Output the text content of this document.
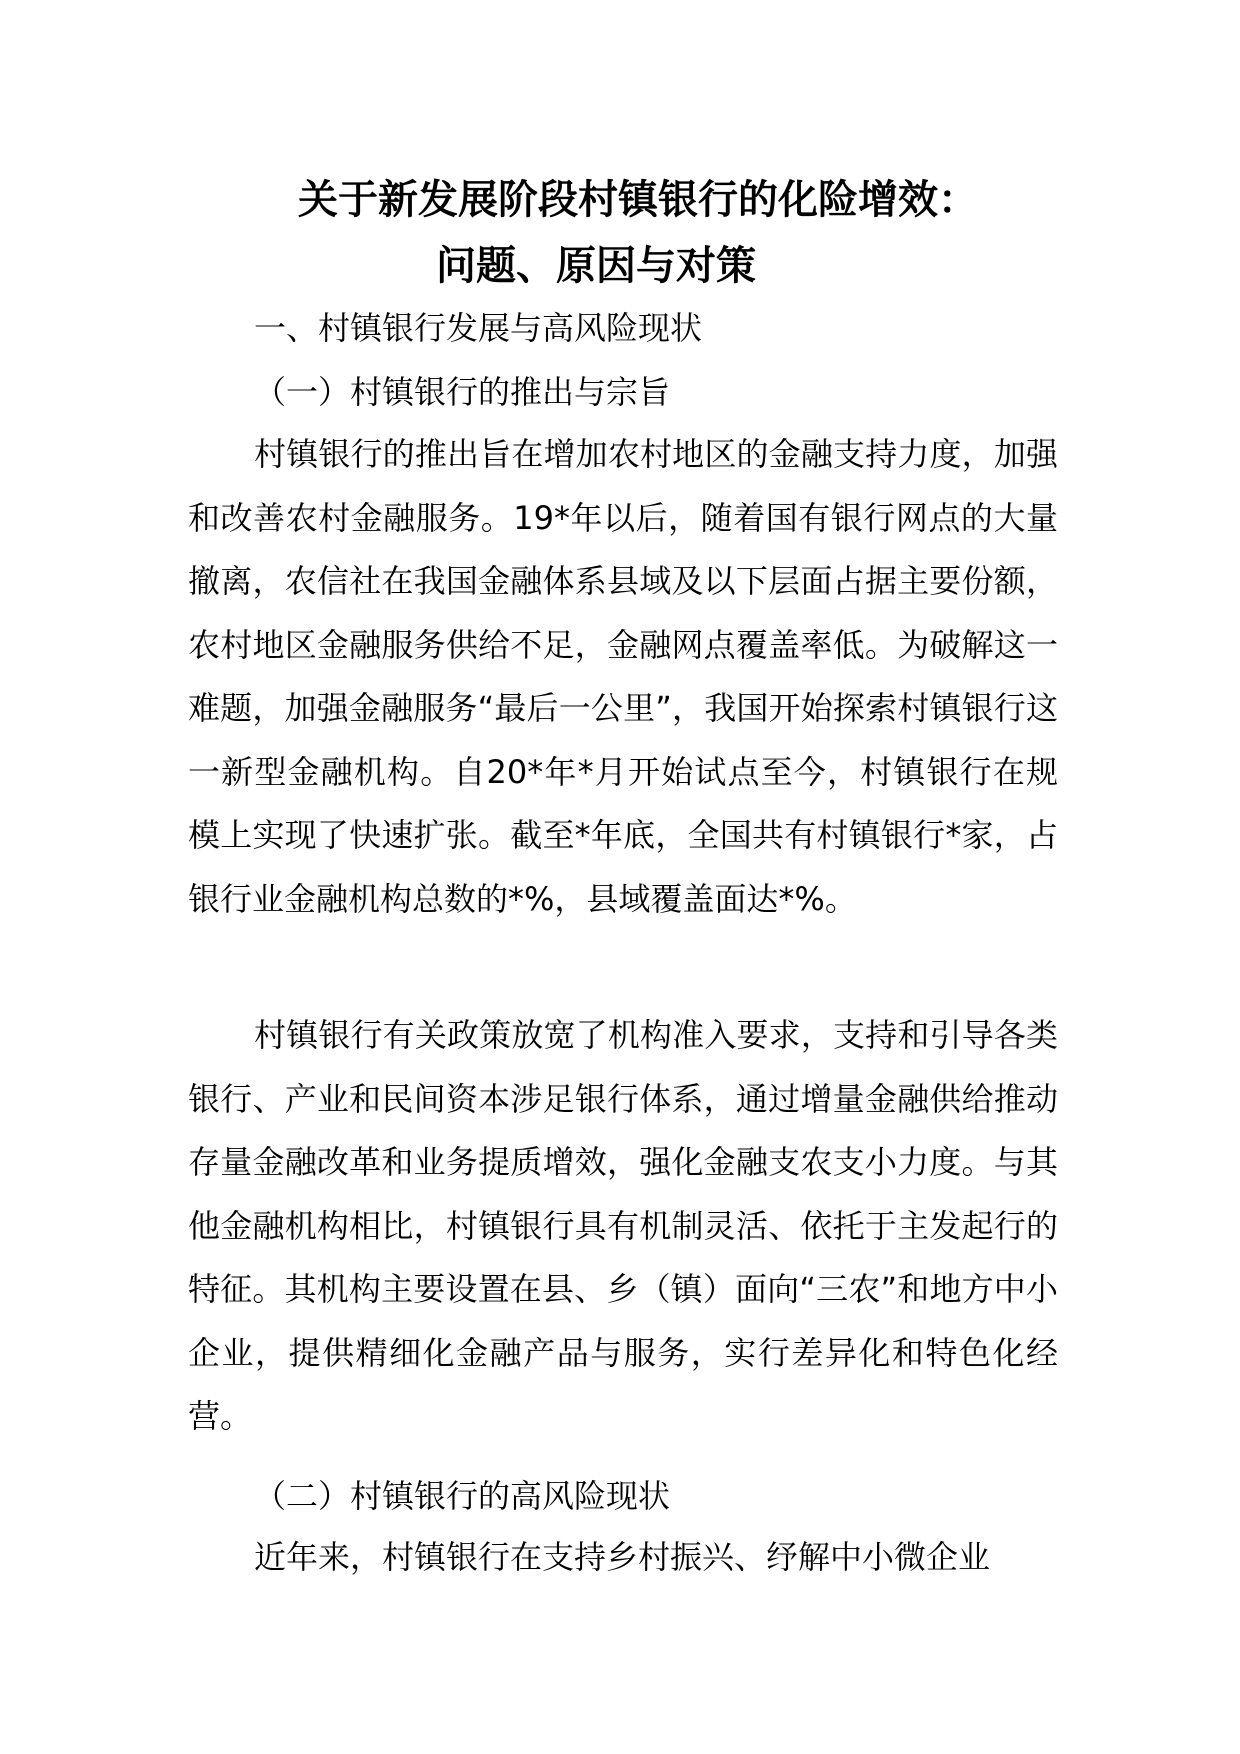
关于新发展阶段村镇银行的化险增效：
问题、原因与对策
一、村镇银行发展与高风险现状
（一）村镇银行的推出与宗旨

村镇银行的推出旨在增加农村地区的金融支持力度，加强和改善农村金融服务。19*年以后，随着国有银行网点的大量撤离，农信社在我国金融体系县域及以下层面占据主要份额，农村地区金融服务供给不足，金融网点覆盖率低。为破解这一难题，加强金融服务“最后一公里”，我国开始探索村镇银行这一新型金融机构。自20*年*月开始试点至今，村镇银行在规模上实现了快速扩张。截至*年底，全国共有村镇银行*家，占银行业金融机构总数的*%，县域覆盖面达*%。

村镇银行有关政策放宽了机构准入要求，支持和引导各类银行、产业和民间资本涉足银行体系，通过增量金融供给推动存量金融改革和业务提质增效，强化金融支农支小力度。与其他金融机构相比，村镇银行具有机制灵活、依托于主发起行的特征。其机构主要设置在县、乡（镇）面向“三农”和地方中小企业，提供精细化金融产品与服务，实行差异化和特色化经营。

（二）村镇银行的高风险现状

近年来，村镇银行在支持乡村振兴、纾解中小微企业
